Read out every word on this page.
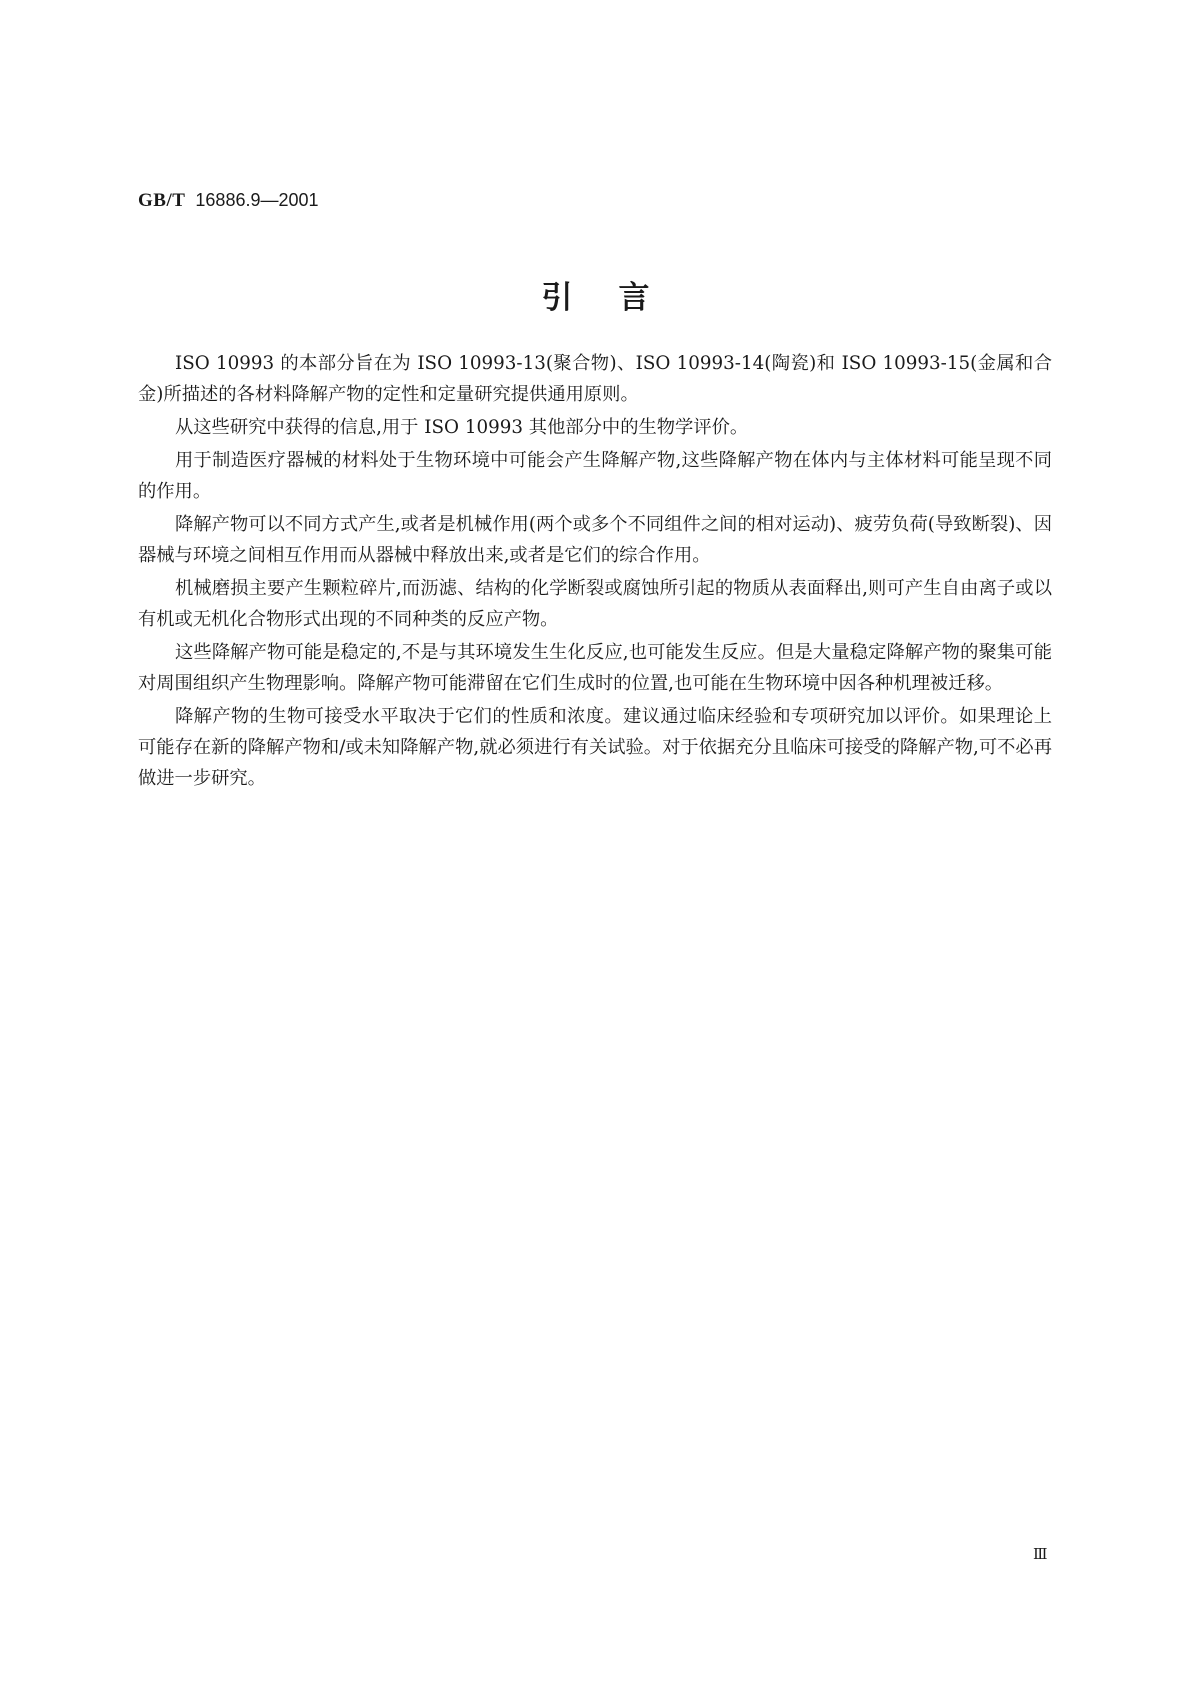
GB/T 16886.9—2001
引言

ISO 10993 的本部分旨在为 ISO 10993-13(聚合物)、ISO 10993-14(陶瓷)和 ISO 10993-15(金属和合金)所描述的各材料降解产物的定性和定量研究提供通用原则。

从这些研究中获得的信息,用于 ISO 10993 其他部分中的生物学评价。

用于制造医疗器械的材料处于生物环境中可能会产生降解产物,这些降解产物在体内与主体材料可能呈现不同的作用。

降解产物可以不同方式产生,或者是机械作用(两个或多个不同组件之间的相对运动)、疲劳负荷(导致断裂)、因器械与环境之间相互作用而从器械中释放出来,或者是它们的综合作用。

机械磨损主要产生颗粒碎片,而沥滤、结构的化学断裂或腐蚀所引起的物质从表面释出,则可产生自由离子或以有机或无机化合物形式出现的不同种类的反应产物。

这些降解产物可能是稳定的,不是与其环境发生生化反应,也可能发生反应。但是大量稳定降解产物的聚集可能对周围组织产生物理影响。降解产物可能滞留在它们生成时的位置,也可能在生物环境中因各种机理被迁移。

降解产物的生物可接受水平取决于它们的性质和浓度。建议通过临床经验和专项研究加以评价。如果理论上可能存在新的降解产物和/或未知降解产物,就必须进行有关试验。对于依据充分且临床可接受的降解产物,可不必再做进一步研究。

Ⅲ
